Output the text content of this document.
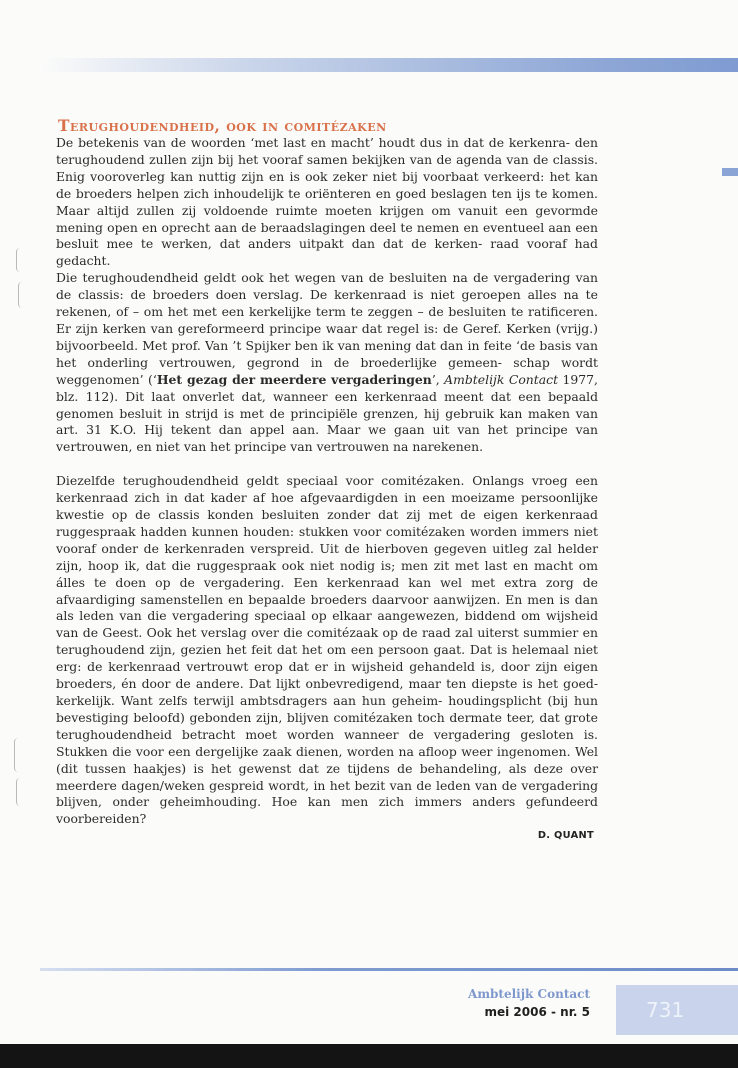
Terughoudendheid, ook in comitézaken

De betekenis van de woorden ‘met last en macht’ houdt dus in dat de kerkenra- den terughoudend zullen zijn bij het vooraf samen bekijken van de agenda van de classis. Enig vooroverleg kan nuttig zijn en is ook zeker niet bij voorbaat verkeerd: het kan de broeders helpen zich inhoudelijk te oriënteren en goed beslagen ten ijs te komen. Maar altijd zullen zij voldoende ruimte moeten krijgen om vanuit een gevormde mening open en oprecht aan de beraadslagingen deel te nemen en eventueel aan een besluit mee te werken, dat anders uitpakt dan dat de kerken- raad vooraf had gedacht.

Die terughoudendheid geldt ook het wegen van de besluiten na de vergadering van de classis: de broeders doen verslag. De kerkenraad is niet geroepen alles na te rekenen, of – om het met een kerkelijke term te zeggen – de besluiten te ratificeren. Er zijn kerken van gereformeerd principe waar dat regel is: de Geref. Kerken (vrijg.) bijvoorbeeld. Met prof. Van ’t Spijker ben ik van mening dat dan in feite ‘de basis van het onderling vertrouwen, gegrond in de broederlijke gemeen- schap wordt weggenomen’ (‘Het gezag der meerdere vergaderingen’, Ambtelijk Contact 1977, blz. 112). Dit laat onverlet dat, wanneer een kerkenraad meent dat een bepaald genomen besluit in strijd is met de principiële grenzen, hij gebruik kan maken van art. 31 K.O. Hij tekent dan appel aan. Maar we gaan uit van het principe van vertrouwen, en niet van het principe van vertrouwen na narekenen.

Diezelfde terughoudendheid geldt speciaal voor comitézaken. Onlangs vroeg een kerkenraad zich in dat kader af hoe afgevaardigden in een moeizame persoonlijke kwestie op de classis konden besluiten zonder dat zij met de eigen kerkenraad ruggespraak hadden kunnen houden: stukken voor comitézaken worden immers niet vooraf onder de kerkenraden verspreid. Uit de hierboven gegeven uitleg zal helder zijn, hoop ik, dat die ruggespraak ook niet nodig is; men zit met last en macht om álles te doen op de vergadering. Een kerkenraad kan wel met extra zorg de afvaardiging samenstellen en bepaalde broeders daarvoor aanwijzen. En men is dan als leden van die vergadering speciaal op elkaar aangewezen, biddend om wijsheid van de Geest. Ook het verslag over die comitézaak op de raad zal uiterst summier en terughoudend zijn, gezien het feit dat het om een persoon gaat. Dat is helemaal niet erg: de kerkenraad vertrouwt erop dat er in wijsheid gehandeld is, door zijn eigen broeders, én door de andere. Dat lijkt onbevredigend, maar ten diepste is het goed-kerkelijk. Want zelfs terwijl ambtsdragers aan hun geheim- houdingsplicht (bij hun bevestiging beloofd) gebonden zijn, blijven comitézaken toch dermate teer, dat grote terughoudendheid betracht moet worden wanneer de vergadering gesloten is. Stukken die voor een dergelijke zaak dienen, worden na afloop weer ingenomen. Wel (dit tussen haakjes) is het gewenst dat ze tijdens de behandeling, als deze over meerdere dagen/weken gespreid wordt, in het bezit van de leden van de vergadering blijven, onder geheimhouding. Hoe kan men zich immers anders gefundeerd voorbereiden?

D. QUANT
Ambtelijk Contact
mei 2006 - nr. 5	731
